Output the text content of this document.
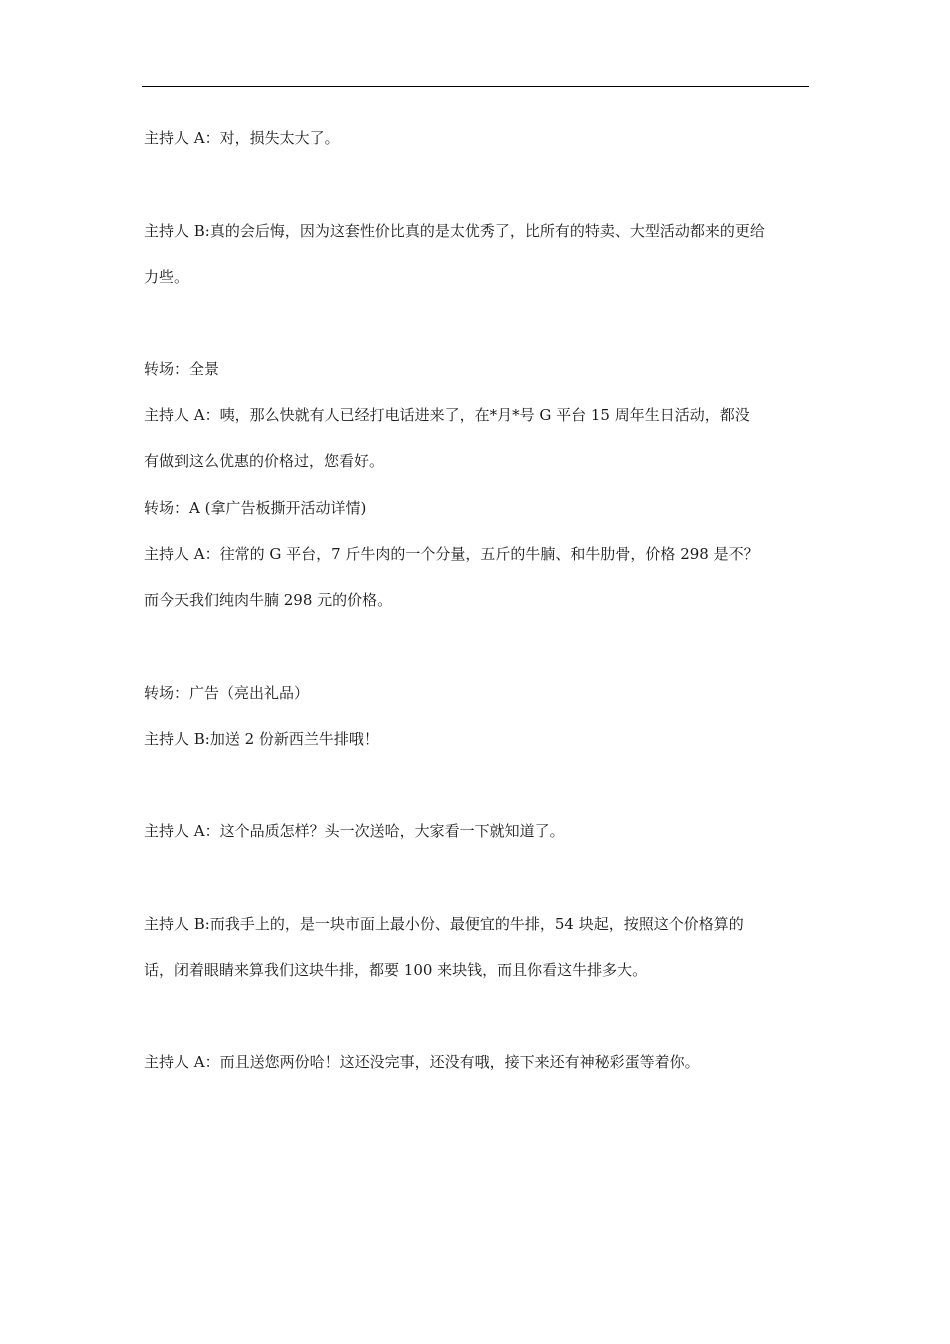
主持人 A：对，损失太大了。
主持人 B:真的会后悔，因为这套性价比真的是太优秀了，比所有的特卖、大型活动都来的更给
力些。
转场：全景
主持人 A：咦，那么快就有人已经打电话进来了，在*月*号 G 平台 15 周年生日活动，都没
有做到这么优惠的价格过，您看好。
转场：A (拿广告板撕开活动详情)
主持人 A：往常的 G 平台，7 斤牛肉的一个分量，五斤的牛腩、和牛肋骨，价格 298 是不？
而今天我们纯肉牛腩 298 元的价格。
转场：广告（亮出礼品）
主持人 B:加送 2 份新西兰牛排哦！
主持人 A：这个品质怎样？头一次送哈，大家看一下就知道了。
主持人 B:而我手上的，是一块市面上最小份、最便宜的牛排，54 块起，按照这个价格算的
话，闭着眼睛来算我们这块牛排，都要 100 来块钱，而且你看这牛排多大。
主持人 A：而且送您两份哈！这还没完事，还没有哦，接下来还有神秘彩蛋等着你。
